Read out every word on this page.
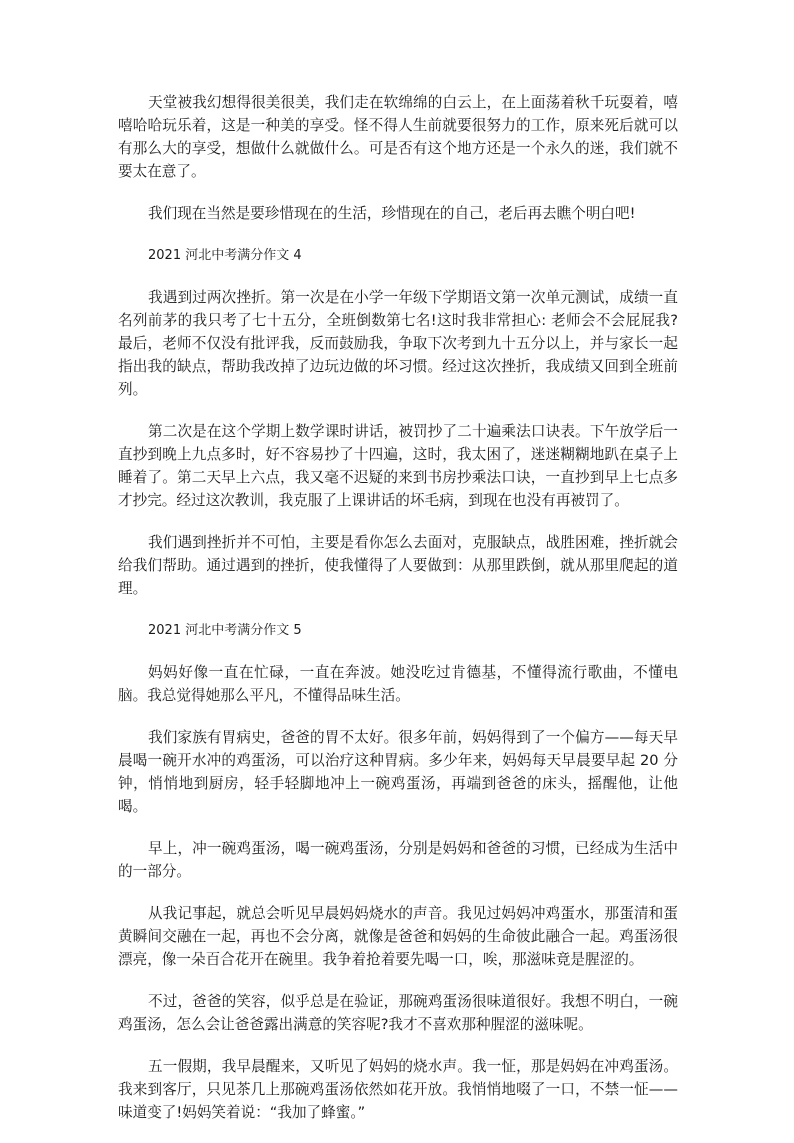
天堂被我幻想得很美很美，我们走在软绵绵的白云上，在上面荡着秋千玩耍着，嘻嘻哈哈玩乐着，这是一种美的享受。怪不得人生前就要很努力的工作，原来死后就可以有那么大的享受，想做什么就做什么。可是否有这个地方还是一个永久的迷，我们就不要太在意了。

我们现在当然是要珍惜现在的生活，珍惜现在的自己，老后再去瞧个明白吧!

2021 河北中考满分作文 4

我遇到过两次挫折。第一次是在小学一年级下学期语文第一次单元测试，成绩一直名列前茅的我只考了七十五分，全班倒数第七名!这时我非常担心: 老师会不会屁屁我?最后，老师不仅没有批评我，反而鼓励我，争取下次考到九十五分以上，并与家长一起指出我的缺点，帮助我改掉了边玩边做的坏习惯。经过这次挫折，我成绩又回到全班前列。

第二次是在这个学期上数学课时讲话，被罚抄了二十遍乘法口诀表。下午放学后一直抄到晚上九点多时，好不容易抄了十四遍，这时，我太困了，迷迷糊糊地趴在桌子上睡着了。第二天早上六点，我又毫不迟疑的来到书房抄乘法口诀，一直抄到早上七点多才抄完。经过这次教训，我克服了上课讲话的坏毛病，到现在也没有再被罚了。

我们遇到挫折并不可怕，主要是看你怎么去面对，克服缺点，战胜困难，挫折就会给我们帮助。通过遇到的挫折，使我懂得了人要做到：从那里跌倒，就从那里爬起的道理。

2021 河北中考满分作文 5

妈妈好像一直在忙碌，一直在奔波。她没吃过肯德基，不懂得流行歌曲，不懂电脑。我总觉得她那么平凡，不懂得品味生活。

我们家族有胃病史，爸爸的胃不太好。很多年前，妈妈得到了一个偏方——每天早晨喝一碗开水冲的鸡蛋汤，可以治疗这种胃病。多少年来，妈妈每天早晨要早起 20 分钟，悄悄地到厨房，轻手轻脚地冲上一碗鸡蛋汤，再端到爸爸的床头，摇醒他，让他喝。

早上，冲一碗鸡蛋汤，喝一碗鸡蛋汤，分别是妈妈和爸爸的习惯，已经成为生活中的一部分。

从我记事起，就总会听见早晨妈妈烧水的声音。我见过妈妈冲鸡蛋水，那蛋清和蛋黄瞬间交融在一起，再也不会分离，就像是爸爸和妈妈的生命彼此融合一起。鸡蛋汤很漂亮，像一朵百合花开在碗里。我争着抢着要先喝一口，唉，那滋味竟是腥涩的。

不过，爸爸的笑容，似乎总是在验证，那碗鸡蛋汤很味道很好。我想不明白，一碗鸡蛋汤，怎么会让爸爸露出满意的笑容呢?我才不喜欢那种腥涩的滋味呢。

五一假期，我早晨醒来，又听见了妈妈的烧水声。我一怔，那是妈妈在冲鸡蛋汤。我来到客厅，只见茶几上那碗鸡蛋汤依然如花开放。我悄悄地啜了一口，不禁一怔——味道变了!妈妈笑着说：“我加了蜂蜜。”
